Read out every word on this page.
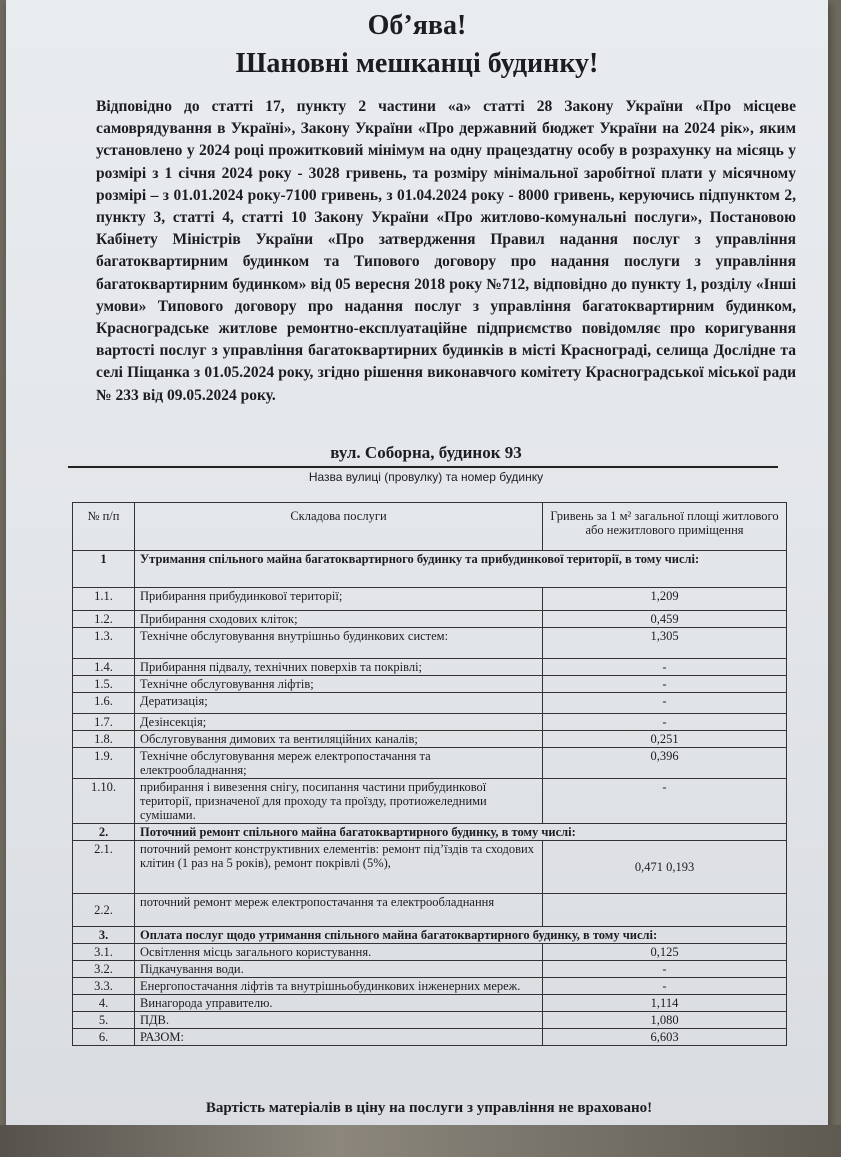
Об’ява!
Шановні мешканці будинку!

Відповідно до статті 17, пункту 2 частини «а» статті 28 Закону України «Про місцеве самоврядування в Україні», Закону України «Про державний бюджет України на 2024 рік», яким установлено у 2024 році прожитковий мінімум на одну працездатну особу в розрахунку на місяць у розмірі з 1 січня 2024 року - 3028 гривень, та розміру мінімальної заробітної плати у місячному розмірі – з 01.01.2024 року-7100 гривень, з 01.04.2024 року - 8000 гривень, керуючись підпунктом 2, пункту 3, статті 4, статті 10 Закону України «Про житлово-комунальні послуги», Постановою Кабінету Міністрів України «Про затвердження Правил надання послуг з управління багатоквартирним будинком та Типового договору про надання послуги з управління багатоквартирним будинком» від 05 вересня 2018 року №712, відповідно до пункту 1, розділу «Інші умови» Типового договору про надання послуг з управління багатоквартирним будинком, Красноградське житлове ремонтно-експлуатаційне підприємство повідомляє про коригування вартості послуг з управління багатоквартирних будинків в місті Краснограді, селища Дослідне та селі Піщанка з 01.05.2024 року, згідно рішення виконавчого комітету Красноградської міської ради № 233 від 09.05.2024 року.

вул. Соборна, будинок 93
Назва вулиці (провулку) та номер будинку
№ п/п	Складова послуги	Гривень за 1 м² загальної площі житлового або нежитлового приміщення
1	Утримання спільного майна багатоквартирного будинку та прибудинкової території, в тому числі:	
1.1.	Прибирання прибудинкової території;	1,209
1.2.	Прибирання сходових кліток;	0,459
1.3.	Технічне обслуговування внутрішньо будинкових систем:	1,305
1.4.	Прибирання підвалу, технічних поверхів та покрівлі;	-
1.5.	Технічне обслуговування ліфтів;	-
1.6.	Дератизація;	-
1.7.	Дезінсекція;	-
1.8.	Обслуговування димових та вентиляційних каналів;	0,251
1.9.	Технічне обслуговування мереж електропостачання та електрообладнання;	0,396
1.10.	прибирання і вивезення снігу, посипання частини прибудинкової території, призначеної для проходу та проїзду, протиожеледними сумішами.	-
2.	Поточний ремонт спільного майна багатоквартирного будинку, в тому числі:	
2.1.	поточний ремонт конструктивних елементів: ремонт під’їздів та сходових клітин (1 раз на 5 років), ремонт покрівлі (5%),	0,471 0,193
2.2.	поточний ремонт мереж електропостачання та електрообладнання	
3.	Оплата послуг щодо утримання спільного майна багатоквартирного будинку, в тому числі:	
3.1.	Освітлення місць загального користування.	0,125
3.2.	Підкачування води.	-
3.3.	Енергопостачання ліфтів та внутрішньобудинкових інженерних мереж.	-
4.	Винагорода управителю.	1,114
5.	ПДВ.	1,080
6.	РАЗОМ:	6,603
Вартість матеріалів в ціну на послуги з управління не враховано!
